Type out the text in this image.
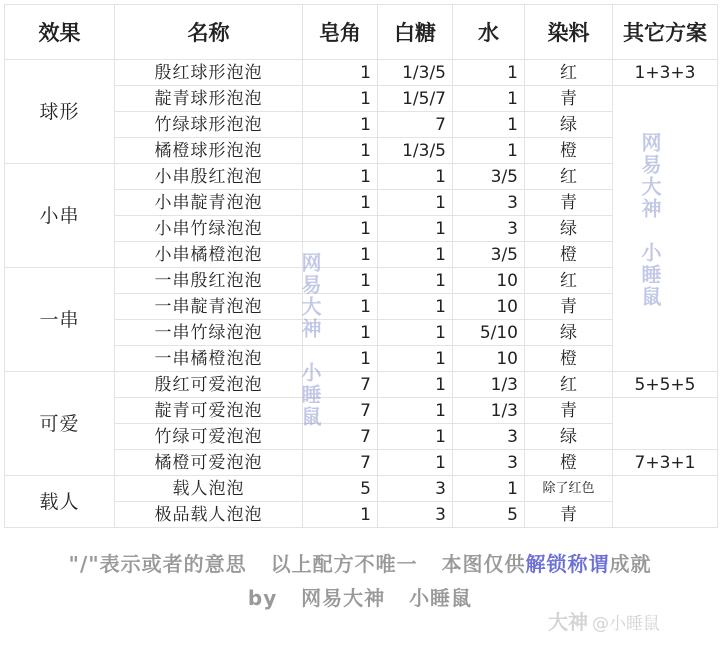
效果	名称	皂角	白糖	水	染料	其它方案
球形	殷红球形泡泡	1	1/3/5	1	红	1+3+3
	靛青球形泡泡	1	1/5/7	1	青	
	竹绿球形泡泡	1	7	1	绿	
	橘橙球形泡泡	1	1/3/5	1	橙	
小串	小串殷红泡泡	1	1	3/5	红	
	小串靛青泡泡	1	1	3	青	
	小串竹绿泡泡	1	1	3	绿	
	小串橘橙泡泡	1	1	3/5	橙	
一串	一串殷红泡泡	1	1	10	红	
	一串靛青泡泡	1	1	10	青	
	一串竹绿泡泡	1	1	5/10	绿	
	一串橘橙泡泡	1	1	10	橙	
可爱	殷红可爱泡泡	7	1	1/3	红	5+5+5
	靛青可爱泡泡	7	1	1/3	青	
	竹绿可爱泡泡	7	1	3	绿	
	橘橙可爱泡泡	7	1	3	橙	7+3+1
载人	载人泡泡	5	3	1	除了红色	
	极品载人泡泡	1	3	5	青	
网易大神小睡鼠
网易大神小睡鼠
"/"表示或者的意思 以上配方不唯一 本图仅供解锁称谓成就
by 网易大神 小睡鼠
大神 @小睡鼠
